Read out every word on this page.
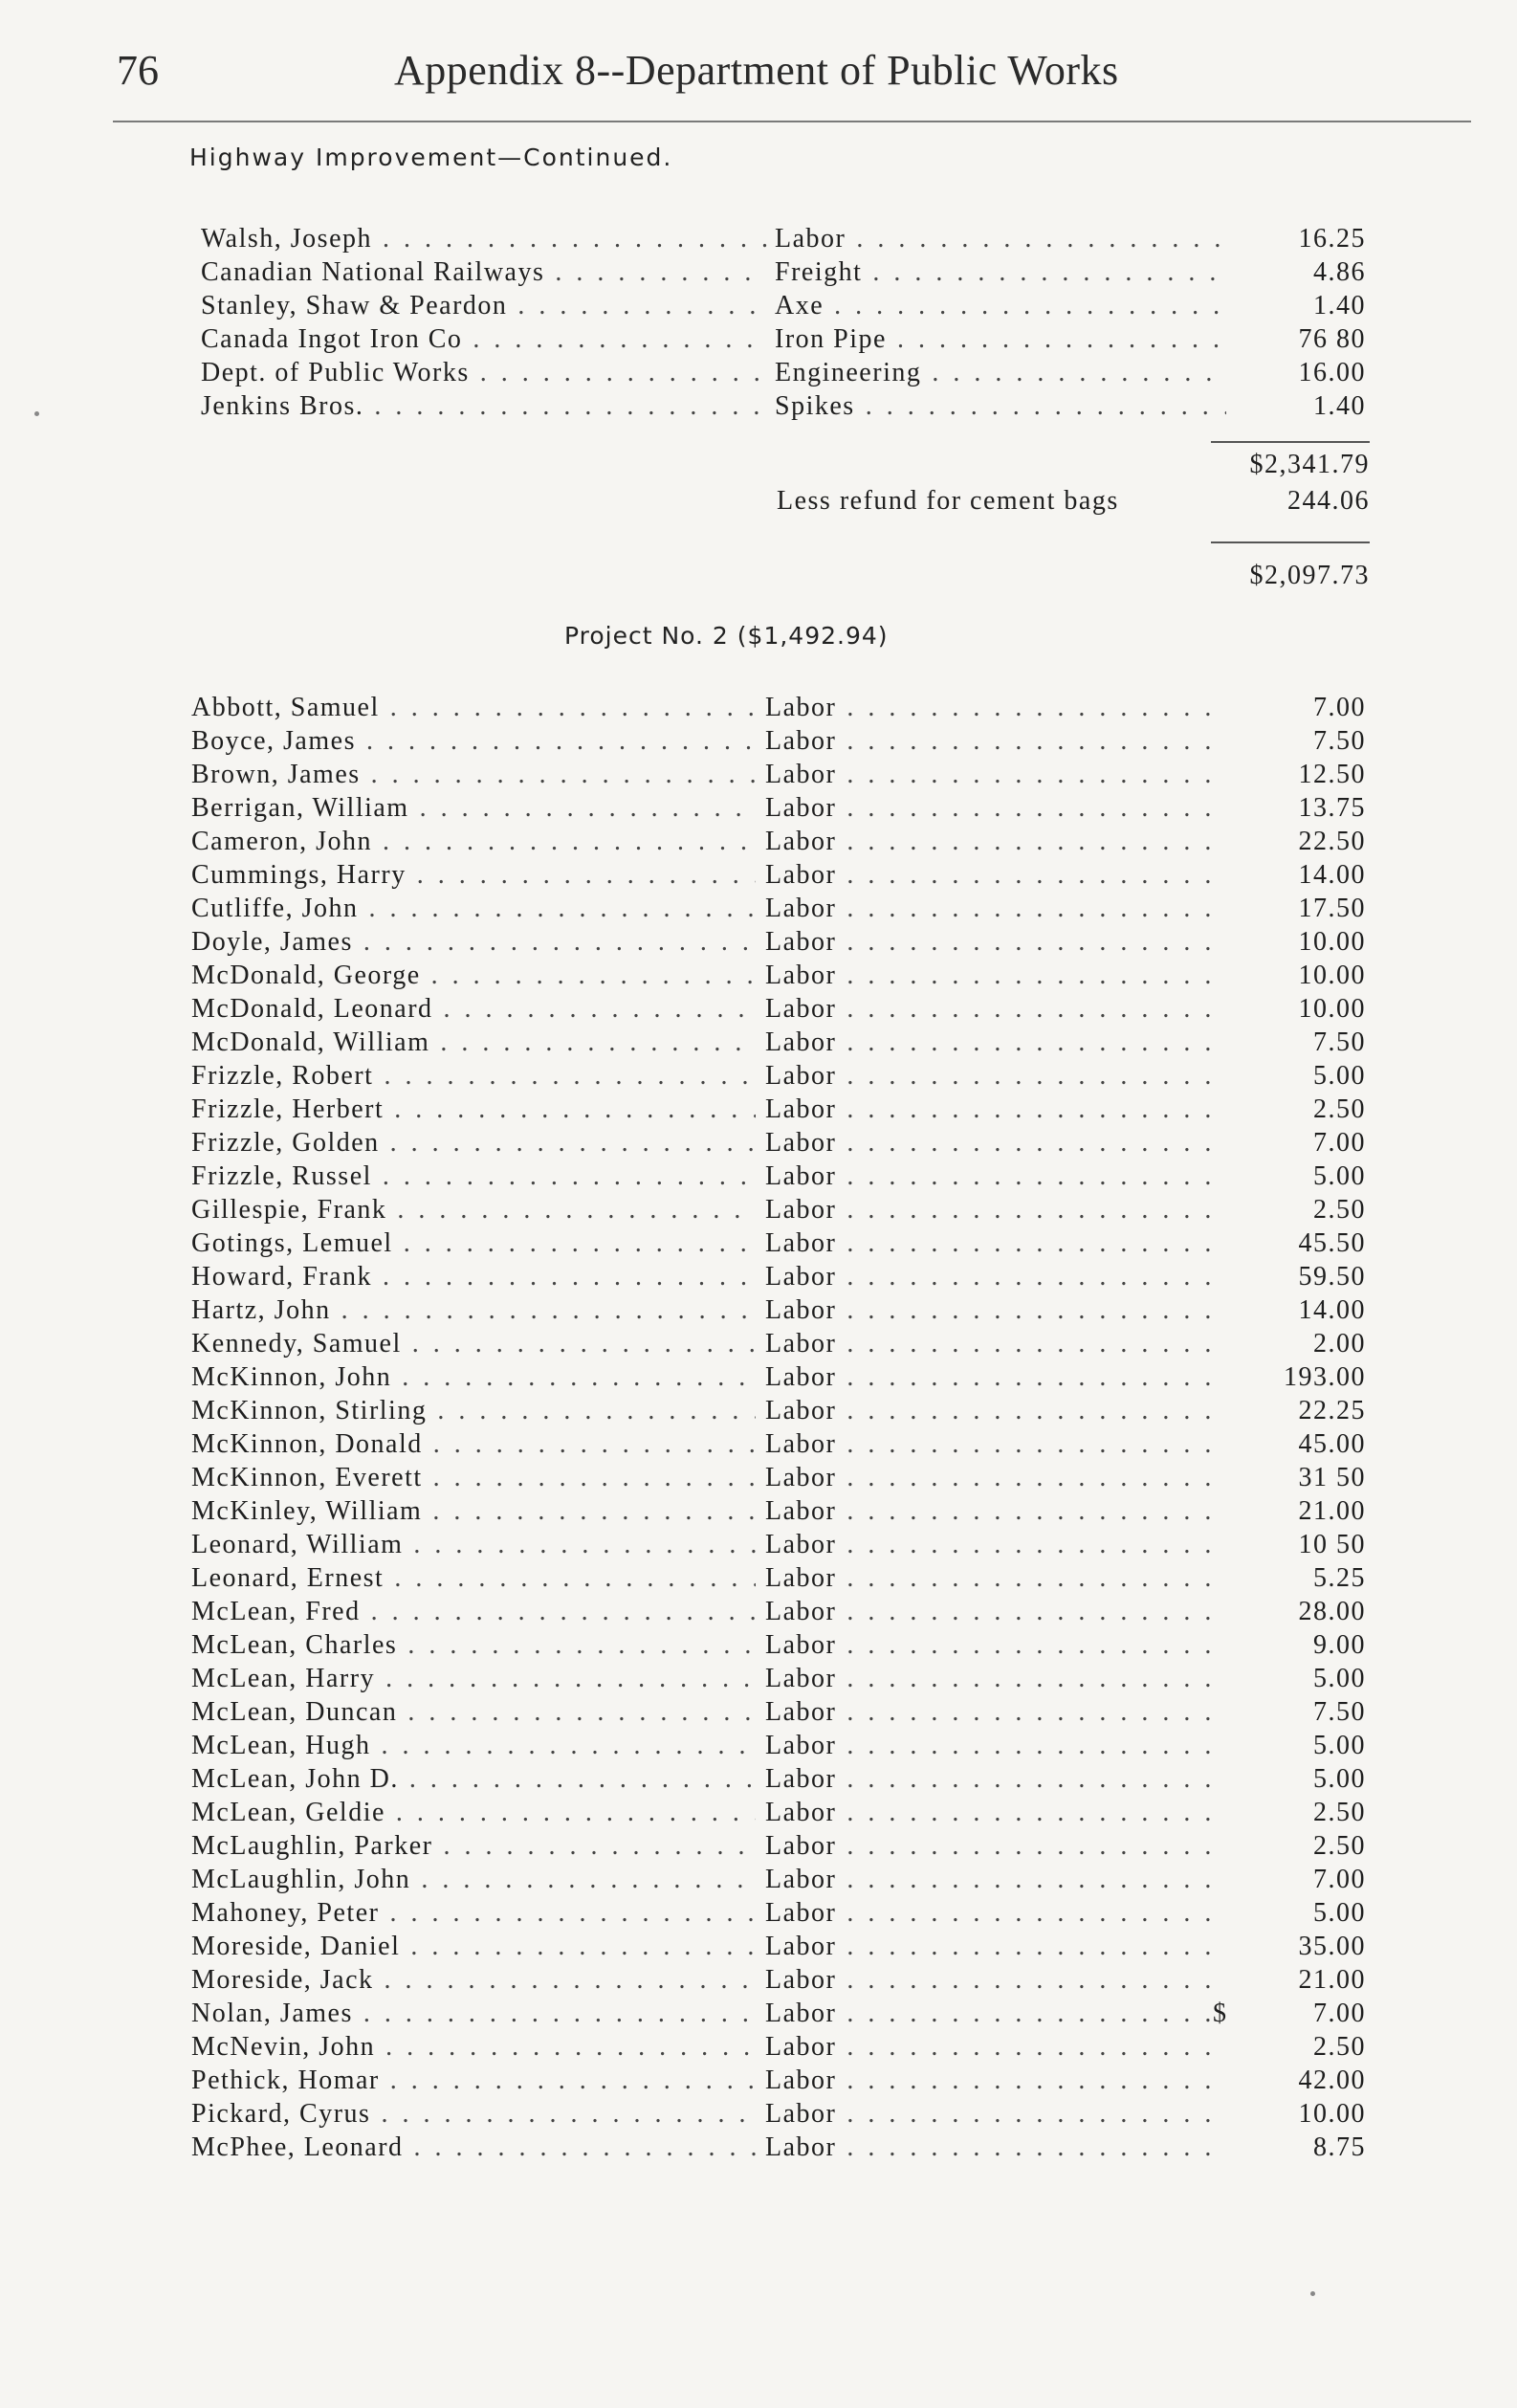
76	Appendix 8--Department of Public Works
Highway Improvement—Continued.
Walsh, Joseph . . .	Labor . . .	16.25
Canadian National Railways . . .	Freight . . .	4.86
Stanley, Shaw & Peardon . . .	Axe . . .	1.40
Canada Ingot Iron Co . . .	Iron Pipe . . .	76 80
Dept. of Public Works . . .	Engineering . . .	16.00
Jenkins Bros. . . .	Spikes . . .	1.40
$2,341.79
Less refund for cement bags	244.06
$2,097.73
Project No. 2 ($1,492.94)
Abbott, Samuel . . .	Labor . . .	7.00
Boyce, James . . .	Labor . . .	7.50
Brown, James . . .	Labor . . .	12.50
Berrigan, William . . .	Labor . . .	13.75
Cameron, John . . .	Labor . . .	22.50
Cummings, Harry . . .	Labor . . .	14.00
Cutliffe, John . . .	Labor . . .	17.50
Doyle, James . . .	Labor . . .	10.00
McDonald, George . . .	Labor . . .	10.00
McDonald, Leonard . . .	Labor . . .	10.00
McDonald, William . . .	Labor . . .	7.50
Frizzle, Robert . . .	Labor . . .	5.00
Frizzle, Herbert . . .	Labor . . .	2.50
Frizzle, Golden . . .	Labor . . .	7.00
Frizzle, Russel . . .	Labor . . .	5.00
Gillespie, Frank . . .	Labor . . .	2.50
Gotings, Lemuel . . .	Labor . . .	45.50
Howard, Frank . . .	Labor . . .	59.50
Hartz, John . . .	Labor . . .	14.00
Kennedy, Samuel . . .	Labor . . .	2.00
McKinnon, John . . .	Labor . . .	193.00
McKinnon, Stirling . . .	Labor . . .	22.25
McKinnon, Donald . . .	Labor . . .	45.00
McKinnon, Everett . . .	Labor . . .	31 50
McKinley, William . . .	Labor . . .	21.00
Leonard, William . . .	Labor . . .	10 50
Leonard, Ernest . . .	Labor . . .	5.25
McLean, Fred . . .	Labor . . .	28.00
McLean, Charles . . .	Labor . . .	9.00
McLean, Harry . . .	Labor . . .	5.00
McLean, Duncan . . .	Labor . . .	7.50
McLean, Hugh . . .	Labor . . .	5.00
McLean, John D. . . .	Labor . . .	5.00
McLean, Geldie . . .	Labor . . .	2.50
McLaughlin, Parker . . .	Labor . . .	2.50
McLaughlin, John . . .	Labor . . .	7.00
Mahoney, Peter . . .	Labor . . .	5.00
Moreside, Daniel . . .	Labor . . .	35.00
Moreside, Jack . . .	Labor . . .	21.00
Nolan, James . . .	Labor . . .	$	7.00
McNevin, John . . .	Labor . . .	2.50
Pethick, Homar . . .	Labor . . .	42.00
Pickard, Cyrus . . .	Labor . . .	10.00
McPhee, Leonard . . .	Labor . . .	8.75
